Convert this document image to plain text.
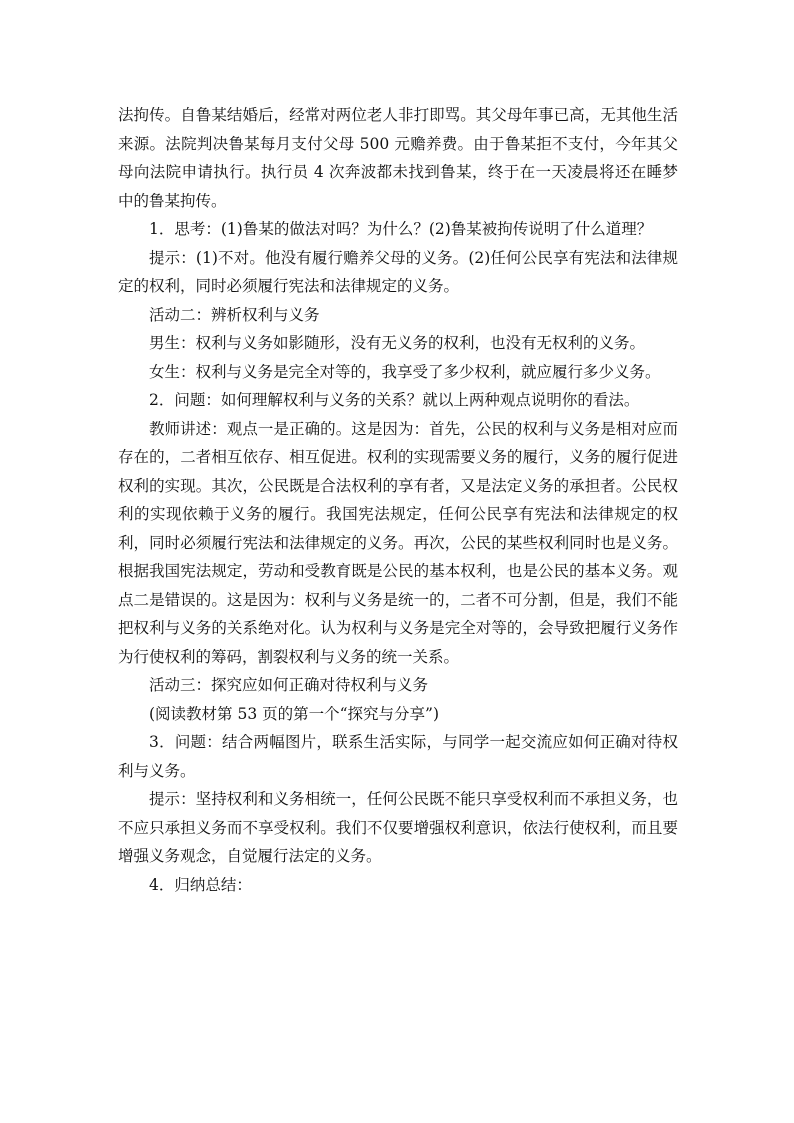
法拘传。自鲁某结婚后，经常对两位老人非打即骂。其父母年事已高，无其他生活来源。法院判决鲁某每月支付父母 500 元赡养费。由于鲁某拒不支付，今年其父母向法院申请执行。执行员 4 次奔波都未找到鲁某，终于在一天凌晨将还在睡梦中的鲁某拘传。

1．思考：(1)鲁某的做法对吗？为什么？(2)鲁某被拘传说明了什么道理？

提示：(1)不对。他没有履行赡养父母的义务。(2)任何公民享有宪法和法律规定的权利，同时必须履行宪法和法律规定的义务。

活动二：辨析权利与义务

男生：权利与义务如影随形，没有无义务的权利，也没有无权利的义务。

女生：权利与义务是完全对等的，我享受了多少权利，就应履行多少义务。

2．问题：如何理解权利与义务的关系？就以上两种观点说明你的看法。

教师讲述：观点一是正确的。这是因为：首先，公民的权利与义务是相对应而存在的，二者相互依存、相互促进。权利的实现需要义务的履行，义务的履行促进权利的实现。其次，公民既是合法权利的享有者，又是法定义务的承担者。公民权利的实现依赖于义务的履行。我国宪法规定，任何公民享有宪法和法律规定的权利，同时必须履行宪法和法律规定的义务。再次，公民的某些权利同时也是义务。根据我国宪法规定，劳动和受教育既是公民的基本权利，也是公民的基本义务。观点二是错误的。这是因为：权利与义务是统一的，二者不可分割，但是，我们不能把权利与义务的关系绝对化。认为权利与义务是完全对等的，会导致把履行义务作为行使权利的筹码，割裂权利与义务的统一关系。

活动三：探究应如何正确对待权利与义务

(阅读教材第 53 页的第一个“探究与分享”)

3．问题：结合两幅图片，联系生活实际，与同学一起交流应如何正确对待权利与义务。

提示：坚持权利和义务相统一，任何公民既不能只享受权利而不承担义务，也不应只承担义务而不享受权利。我们不仅要增强权利意识，依法行使权利，而且要增强义务观念，自觉履行法定的义务。

4．归纳总结：
